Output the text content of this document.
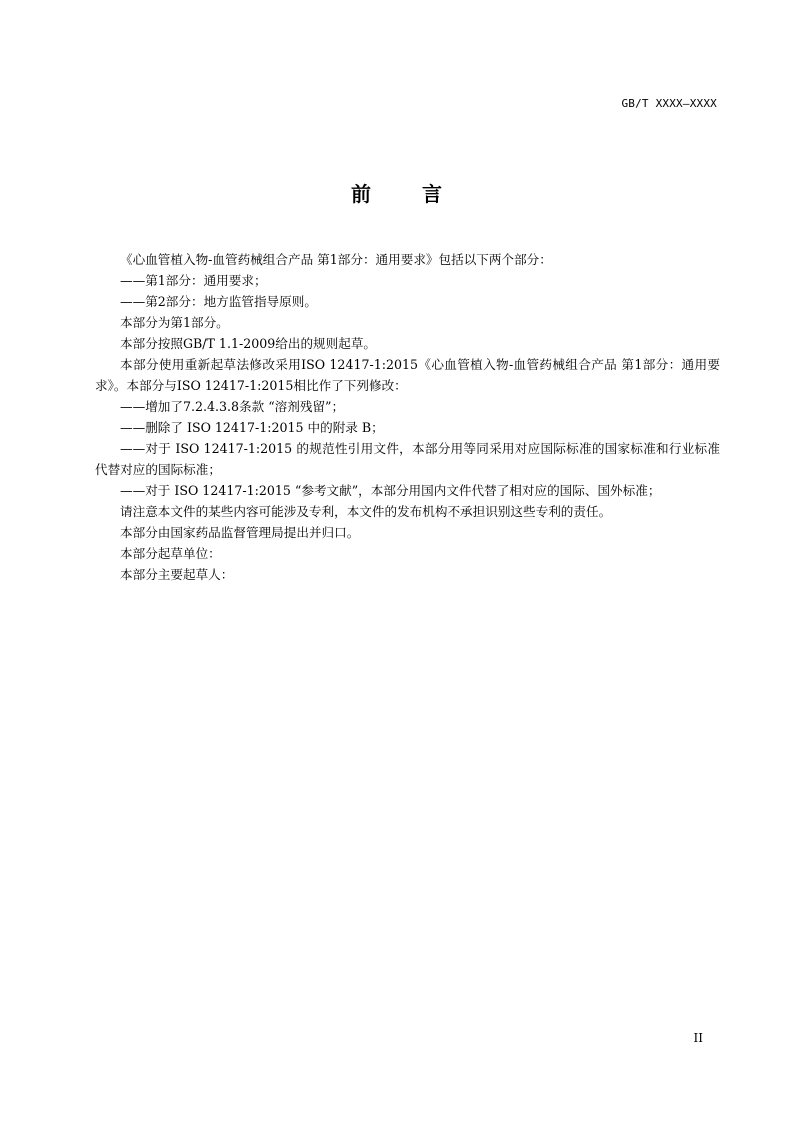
GB/T XXXX—XXXX
前 言

《心血管植入物-血管药械组合产品 第1部分：通用要求》包括以下两个部分：

——第1部分：通用要求；

——第2部分：地方监管指导原则。

本部分为第1部分。

本部分按照GB/T 1.1-2009给出的规则起草。

本部分使用重新起草法修改采用ISO 12417-1:2015《心血管植入物-血管药械组合产品 第1部分：通用要求》。本部分与ISO 12417-1:2015相比作了下列修改：

——增加了7.2.4.3.8条款 “溶剂残留”；

——删除了 ISO 12417-1:2015 中的附录 B；

——对于 ISO 12417-1:2015 的规范性引用文件，本部分用等同采用对应国际标准的国家标准和行业标准代替对应的国际标准；

——对于 ISO 12417-1:2015 “参考文献”，本部分用国内文件代替了相对应的国际、国外标准；

请注意本文件的某些内容可能涉及专利，本文件的发布机构不承担识别这些专利的责任。

本部分由国家药品监督管理局提出并归口。

本部分起草单位：

本部分主要起草人：

II
